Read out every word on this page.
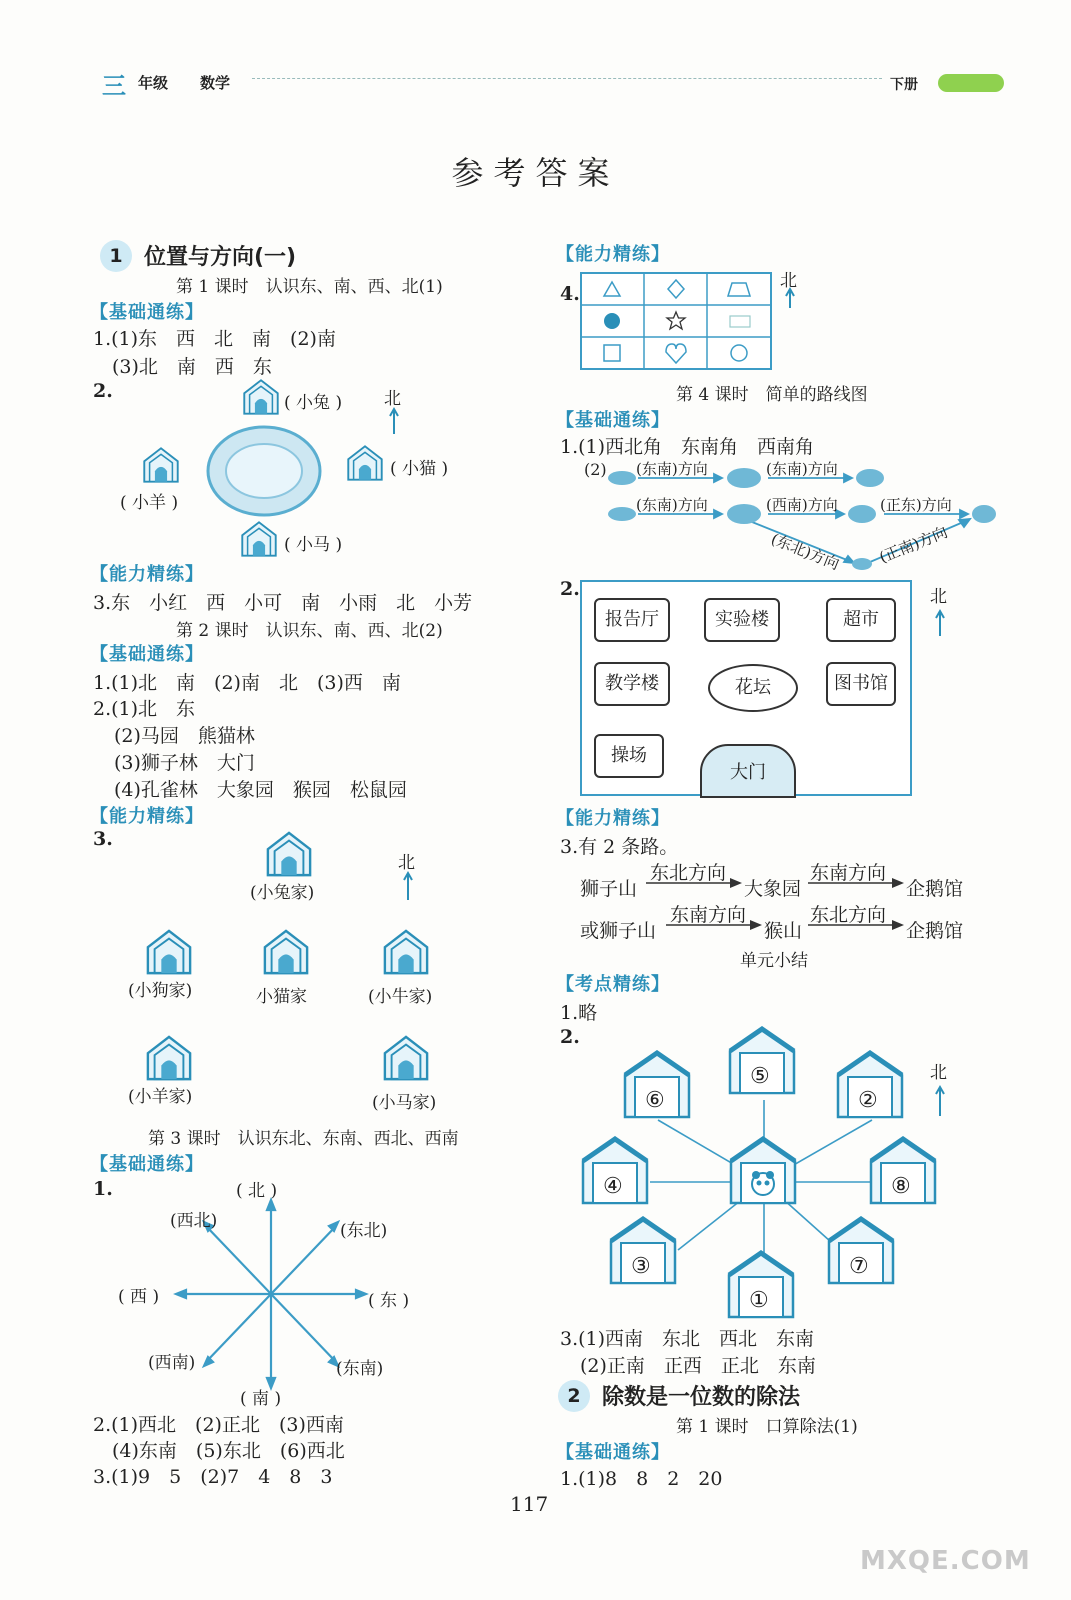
三 年级 数学	下册
参考答案
1 位置与方向(一)
第 1 课时　认识东、南、西、北(1)
【基础通练】
1.(1)东　西　北　南　(2)南
(3)北　南　西　东
2.
( 小兔 )
( 小猫 )
( 小羊 )
( 小马 )
北
【能力精练】
3.东　小红　西　小可　南　小雨　北　小芳
第 2 课时　认识东、南、西、北(2)
【基础通练】
1.(1)北　南　(2)南　北　(3)西　南
2.(1)北　东
(2)马园　熊猫林
(3)狮子林　大门
(4)孔雀林　大象园　猴园　松鼠园
【能力精练】
3.
(小兔家)
(小狗家)	小猫家	(小牛家)
(小羊家)	(小马家)
北
第 3 课时　认识东北、东南、西北、西南
【基础通练】
1.	( 北 )
(西北)	(东北)
( 西 )	( 东 )
(西南)	(东南)
( 南 )
2.(1)西北　(2)正北　(3)西南
(4)东南　(5)东北　(6)西北
3.(1)9　5　(2)7　4　8　3
【能力精练】
4.
北
第 4 课时　简单的路线图
【基础通练】
1.(1)西北角　东南角　西南角
(2) (东南)方向	(东南)方向
(东南)方向	(西南)方向	(正东)方向
(东北)方向 (正南)方向
2.
报告厅	实验楼	超市
教学楼	花坛	图书馆
操场
大门
北
【能力精练】
3.有 2 条路。
狮子山
东北方向
大象园
东南方向
企鹅馆
或狮子山
东南方向
猴山
东北方向
企鹅馆
单元小结
【考点精练】
1.略
2.
⑤
⑥	②
④	⑧
③	⑦
①
北
3.(1)西南　东北　西北　东南
(2)正南　正西　正北　东南
2 除数是一位数的除法
第 1 课时　口算除法(1)
【基础通练】
1.(1)8　8　2　20
117
MXQE.COM
